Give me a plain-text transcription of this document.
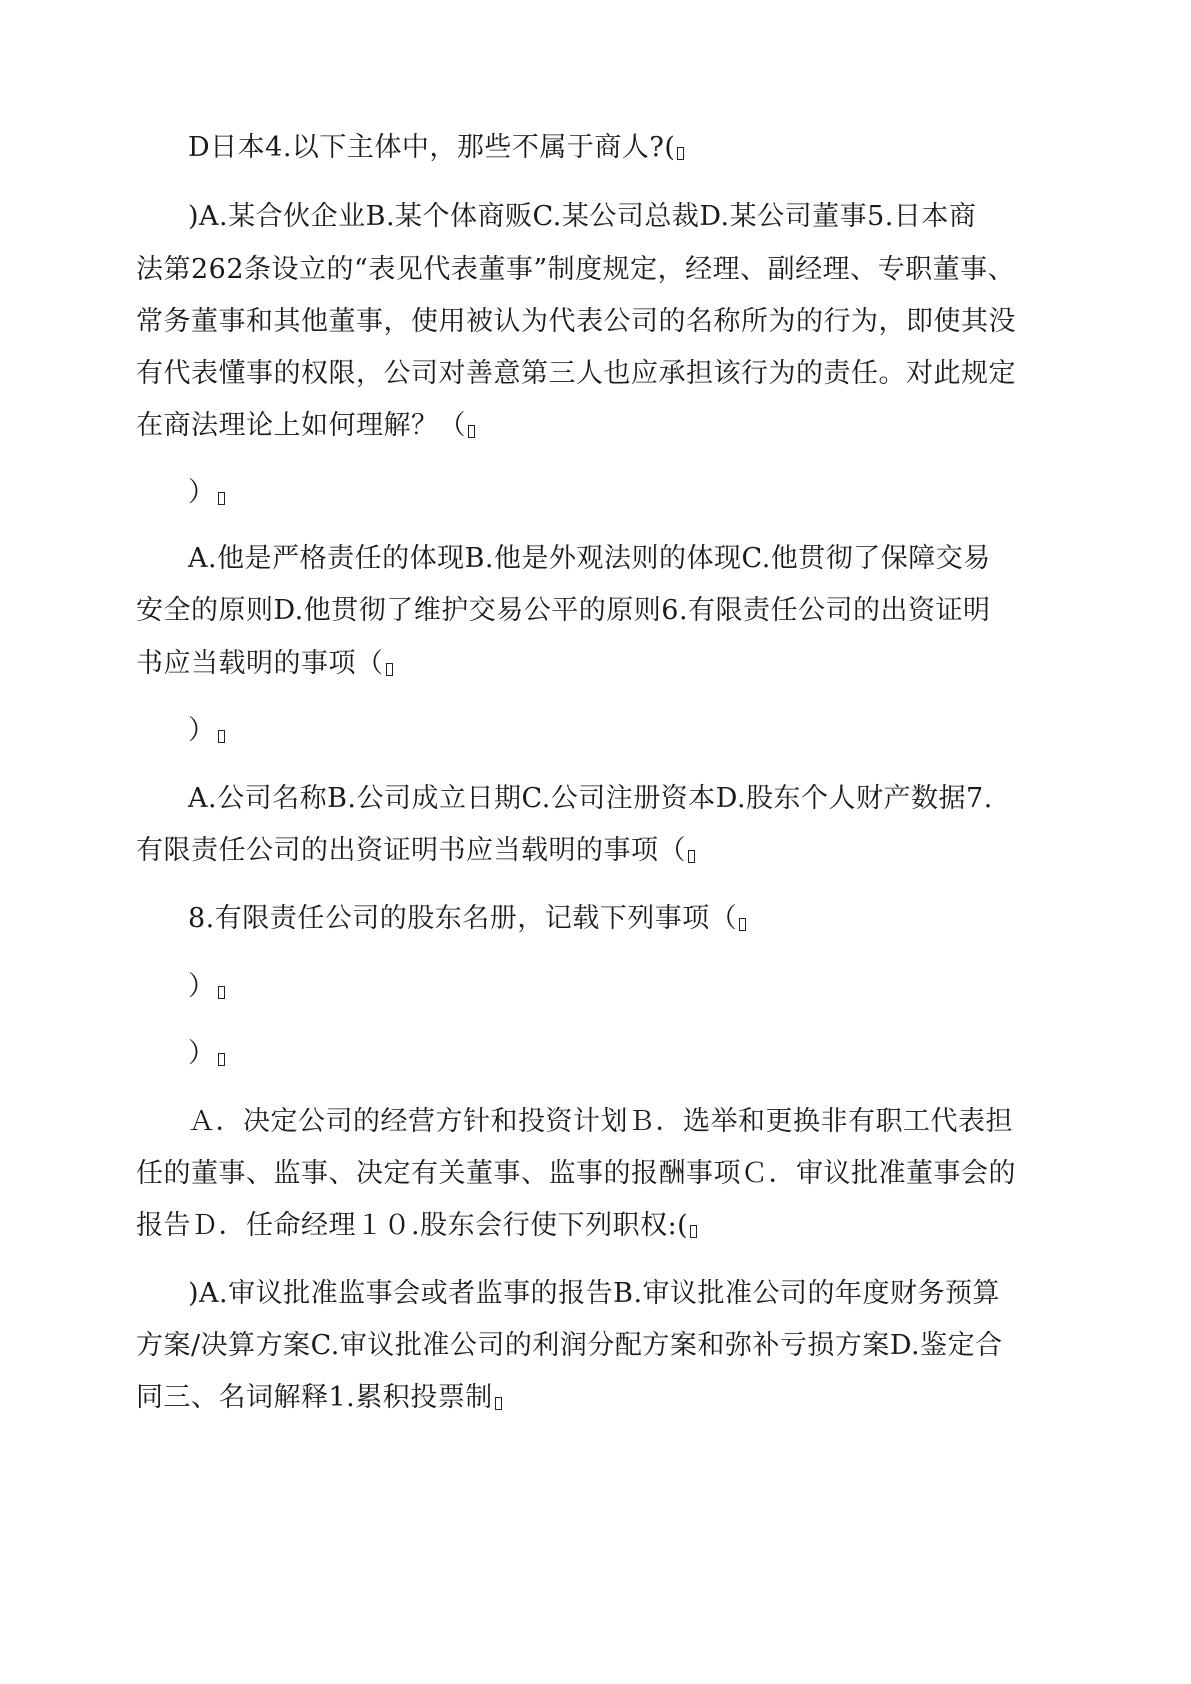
D日本4.以下主体中，那些不属于商人?(

)A.某合伙企业B.某个体商贩C.某公司总裁D.某公司董事5.日本商

法第262条设立的“表见代表董事”制度规定，经理、副经理、专职董事、

常务董事和其他董事，使用被认为代表公司的名称所为的行为，即使其没

有代表懂事的权限，公司对善意第三人也应承担该行为的责任。对此规定

在商法理论上如何理解？（

）

A.他是严格责任的体现B.他是外观法则的体现C.他贯彻了保障交易

安全的原则D.他贯彻了维护交易公平的原则6.有限责任公司的出资证明

书应当载明的事项（

）

A.公司名称B.公司成立日期C.公司注册资本D.股东个人财产数据7.

有限责任公司的出资证明书应当载明的事项（

8.有限责任公司的股东名册，记载下列事项（

）

）

Ａ．决定公司的经营方针和投资计划Ｂ．选举和更换非有职工代表担

任的董事、监事、决定有关董事、监事的报酬事项Ｃ．审议批准董事会的

报告Ｄ．任命经理１０.股东会行使下列职权:(

)A.审议批准监事会或者监事的报告B.审议批准公司的年度财务预算

方案/决算方案C.审议批准公司的利润分配方案和弥补亏损方案D.鉴定合

同三、名词解释1.累积投票制
